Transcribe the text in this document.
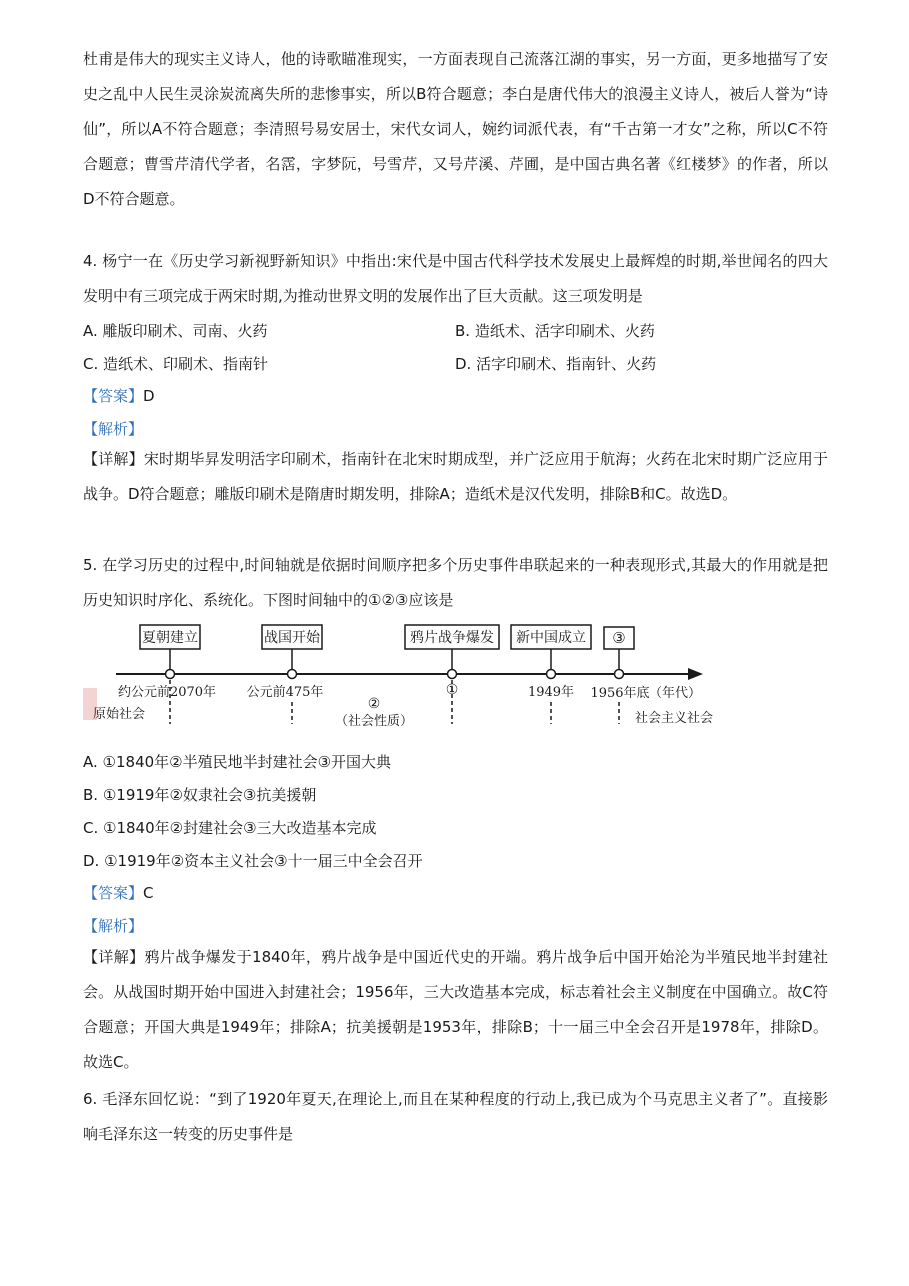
杜甫是伟大的现实主义诗人，他的诗歌瞄准现实，一方面表现自己流落江湖的事实，另一方面，更多地描写了安史之乱中人民生灵涂炭流离失所的悲惨事实，所以B符合题意；李白是唐代伟大的浪漫主义诗人，被后人誉为“诗仙”，所以A不符合题意；李清照号易安居士，宋代女词人，婉约词派代表，有“千古第一才女”之称，所以C不符合题意；曹雪芹清代学者，名霑，字梦阮，号雪芹，又号芹溪、芹圃，是中国古典名著《红楼梦》的作者，所以D不符合题意。
4. 杨宁一在《历史学习新视野新知识》中指出:宋代是中国古代科学技术发展史上最辉煌的时期,举世闻名的四大发明中有三项完成于两宋时期,为推动世界文明的发展作出了巨大贡献。这三项发明是
A. 雕版印刷术、司南、火药	B. 造纸术、活字印刷术、火药
C. 造纸术、印刷术、指南针	D. 活字印刷术、指南针、火药
【答案】D
【解析】
【详解】宋时期毕昇发明活字印刷术，指南针在北宋时期成型，并广泛应用于航海；火药在北宋时期广泛应用于战争。D符合题意；雕版印刷术是隋唐时期发明，排除A；造纸术是汉代发明，排除B和C。故选D。
5. 在学习历史的过程中,时间轴就是依据时间顺序把多个历史事件串联起来的一种表现形式,其最大的作用就是把历史知识时序化、系统化。下图时间轴中的①②③应该是
夏朝建立	战国开始	鸦片战争爆发 新中国成立 ③
约公元前2070年 公元前475年	①	1949年 1956年底 （年代）
原始社会
②
（社会性质）	社会主义社会
A. ①1840年②半殖民地半封建社会③开国大典
B. ①1919年②奴隶社会③抗美援朝
C. ①1840年②封建社会③三大改造基本完成
D. ①1919年②资本主义社会③十一届三中全会召开
【答案】C
【解析】
【详解】鸦片战争爆发于1840年，鸦片战争是中国近代史的开端。鸦片战争后中国开始沦为半殖民地半封建社会。从战国时期开始中国进入封建社会；1956年，三大改造基本完成，标志着社会主义制度在中国确立。故C符合题意；开国大典是1949年；排除A；抗美援朝是1953年，排除B；十一届三中全会召开是1978年，排除D。故选C。
6. 毛泽东回忆说：“到了1920年夏天,在理论上,而且在某种程度的行动上,我已成为个马克思主义者了”。直接影响毛泽东这一转变的历史事件是
